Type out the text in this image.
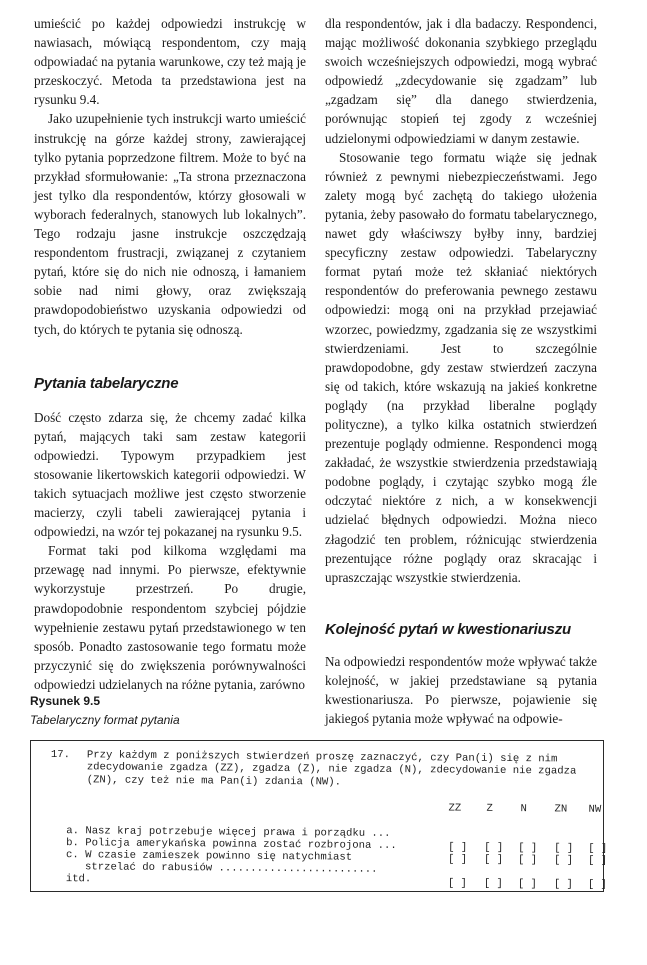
umieścić po każdej odpowiedzi instrukcję w nawiasach, mówiącą respondentom, czy mają odpowiadać na pytania warunkowe, czy też mają je przeskoczyć. Metoda ta przedstawiona jest na rysunku 9.4.

Jako uzupełnienie tych instrukcji warto umieścić instrukcję na górze każdej strony, zawierającej tylko pytania poprzedzone filtrem. Może to być na przykład sformułowanie: „Ta strona przeznaczona jest tylko dla respondentów, którzy głosowali w wyborach federalnych, stanowych lub lokalnych”. Tego rodzaju jasne instrukcje oszczędzają respondentom frustracji, związanej z czytaniem pytań, które się do nich nie odnoszą, i łamaniem sobie nad nimi głowy, oraz zwiększają prawdopodobieństwo uzyskania odpowiedzi od tych, do których te pytania się odnoszą.

Pytania tabelaryczne

Dość często zdarza się, że chcemy zadać kilka pytań, mających taki sam zestaw kategorii odpowiedzi. Typowym przypadkiem jest stosowanie likertowskich kategorii odpowiedzi. W takich sytuacjach możliwe jest często stworzenie macierzy, czyli tabeli zawierającej pytania i odpowiedzi, na wzór tej pokazanej na rysunku 9.5.

Format taki pod kilkoma względami ma przewagę nad innymi. Po pierwsze, efektywnie wykorzystuje przestrzeń. Po drugie, prawdopodobnie respondentom szybciej pójdzie wypełnienie zestawu pytań przedstawionego w ten sposób. Ponadto zastosowanie tego formatu może przyczynić się do zwiększenia porównywalności odpowiedzi udzielanych na różne pytania, zarówno

dla respondentów, jak i dla badaczy. Respondenci, mając możliwość dokonania szybkiego przeglądu swoich wcześniejszych odpowiedzi, mogą wybrać odpowiedź „zdecydowanie się zgadzam” lub „zgadzam się” dla danego stwierdzenia, porównując stopień tej zgody z wcześniej udzielonymi odpowiedziami w danym zestawie.

Stosowanie tego formatu wiąże się jednak również z pewnymi niebezpieczeństwami. Jego zalety mogą być zachętą do takiego ułożenia pytania, żeby pasowało do formatu tabelarycznego, nawet gdy właściwszy byłby inny, bardziej specyficzny zestaw odpowiedzi. Tabelaryczny format pytań może też skłaniać niektórych respondentów do preferowania pewnego zestawu odpowiedzi: mogą oni na przykład przejawiać wzorzec, powiedzmy, zgadzania się ze wszystkimi stwierdzeniami. Jest to szczególnie prawdopodobne, gdy zestaw stwierdzeń zaczyna się od takich, które wskazują na jakieś konkretne poglądy (na przykład liberalne poglądy polityczne), a tylko kilka ostatnich stwierdzeń prezentuje poglądy odmienne. Respondenci mogą zakładać, że wszystkie stwierdzenia przedstawiają podobne poglądy, i czytając szybko mogą źle odczytać niektóre z nich, a w konsekwencji udzielać błędnych odpowiedzi. Można nieco złagodzić ten problem, różnicując stwierdzenia prezentujące różne poglądy oraz skracając i upraszczając wszystkie stwierdzenia.

Kolejność pytań w kwestionariuszu

Na odpowiedzi respondentów może wpływać także kolejność, w jakiej przedstawiane są pytania kwestionariusza. Po pierwsze, pojawienie się jakiegoś pytania może wpływać na odpowie-

Rysunek 9.5
Tabelaryczny format pytania
17. Przy każdym z poniższych stwierdzeń proszę zaznaczyć, czy Pan(i) się z nim zdecydowanie zgadza (ZZ), zgadza (Z), nie zgadza (N), zdecydowanie nie zgadza (ZN), czy też nie ma Pan(i) zdania (NW).
ZZ Z	N	ZN NW

a. Nasz kraj potrzebuje więcej prawa i porządku ...

[ ]

[ ]

[ ]

[ ]

[ ]

b. Policja amerykańska powinna zostać rozbrojona ...

[ ]

[ ]

[ ]

[ ]

[ ]

c. W czasie zamieszek powinno się natychmiast

strzelać do rabusiów .........................

[ ]

[ ]

[ ]

[ ]

[ ]

itd.
